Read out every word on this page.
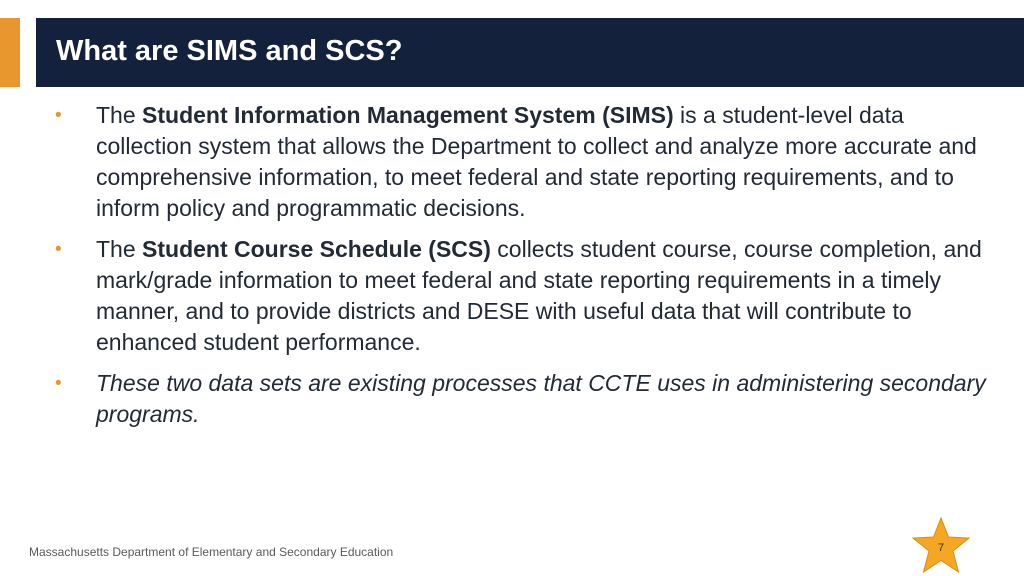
What are SIMS and SCS?
•	The Student Information Management System (SIMS) is a student-level data collection system that allows the Department to collect and analyze more accurate and comprehensive information, to meet federal and state reporting requirements, and to inform policy and programmatic decisions.
•	The Student Course Schedule (SCS) collects student course, course completion, and mark/grade information to meet federal and state reporting requirements in a timely manner, and to provide districts and DESE with useful data that will contribute to enhanced student performance.
•	These two data sets are existing processes that CCTE uses in administering secondary programs.
Massachusetts Department of Elementary and Secondary Education	7
